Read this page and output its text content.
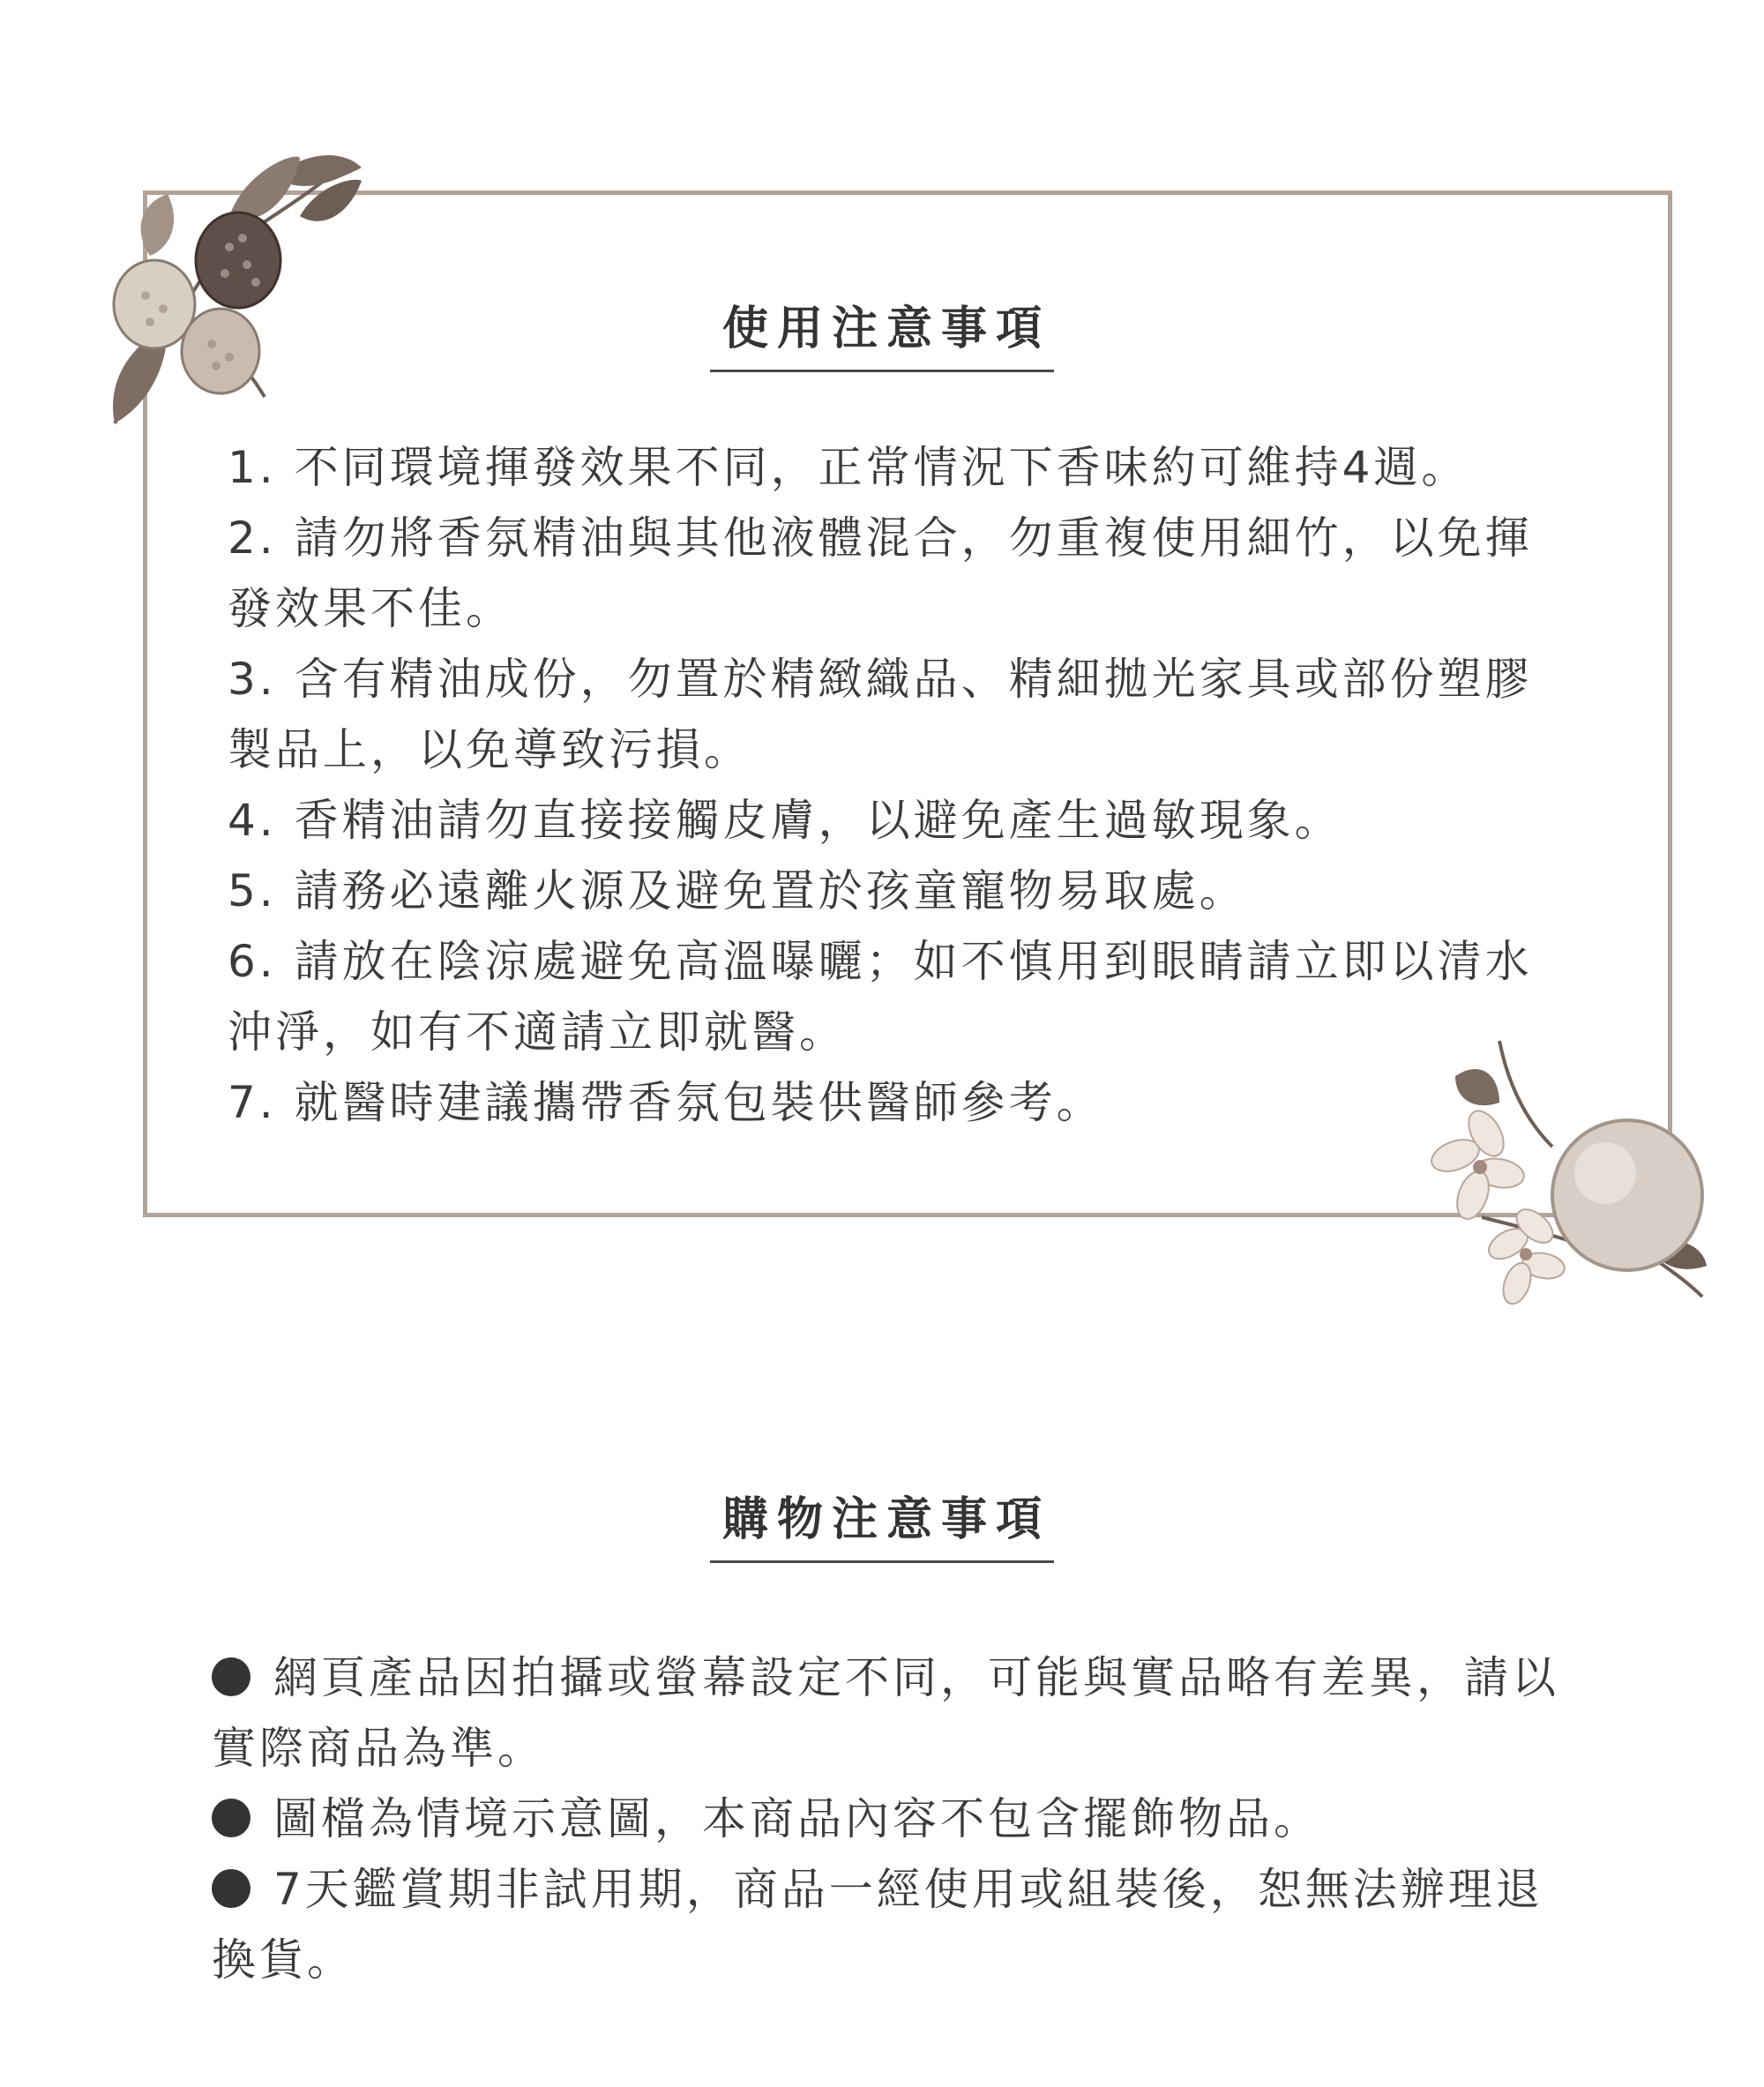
使用注意事項
1. 不同環境揮發效果不同，正常情況下香味約可維持4週。
2. 請勿將香氛精油與其他液體混合，勿重複使用細竹，以免揮發效果不佳。
3. 含有精油成份，勿置於精緻織品、精細拋光家具或部份塑膠製品上，以免導致污損。
4. 香精油請勿直接接觸皮膚，以避免產生過敏現象。
5. 請務必遠離火源及避免置於孩童寵物易取處。
6. 請放在陰涼處避免高溫曝曬；如不慎用到眼睛請立即以清水沖淨，如有不適請立即就醫。
7. 就醫時建議攜帶香氛包裝供醫師參考。
購物注意事項
網頁產品因拍攝或螢幕設定不同，可能與實品略有差異，請以實際商品為準。
圖檔為情境示意圖，本商品內容不包含擺飾物品。
7天鑑賞期非試用期，商品一經使用或組裝後，恕無法辦理退換貨。
